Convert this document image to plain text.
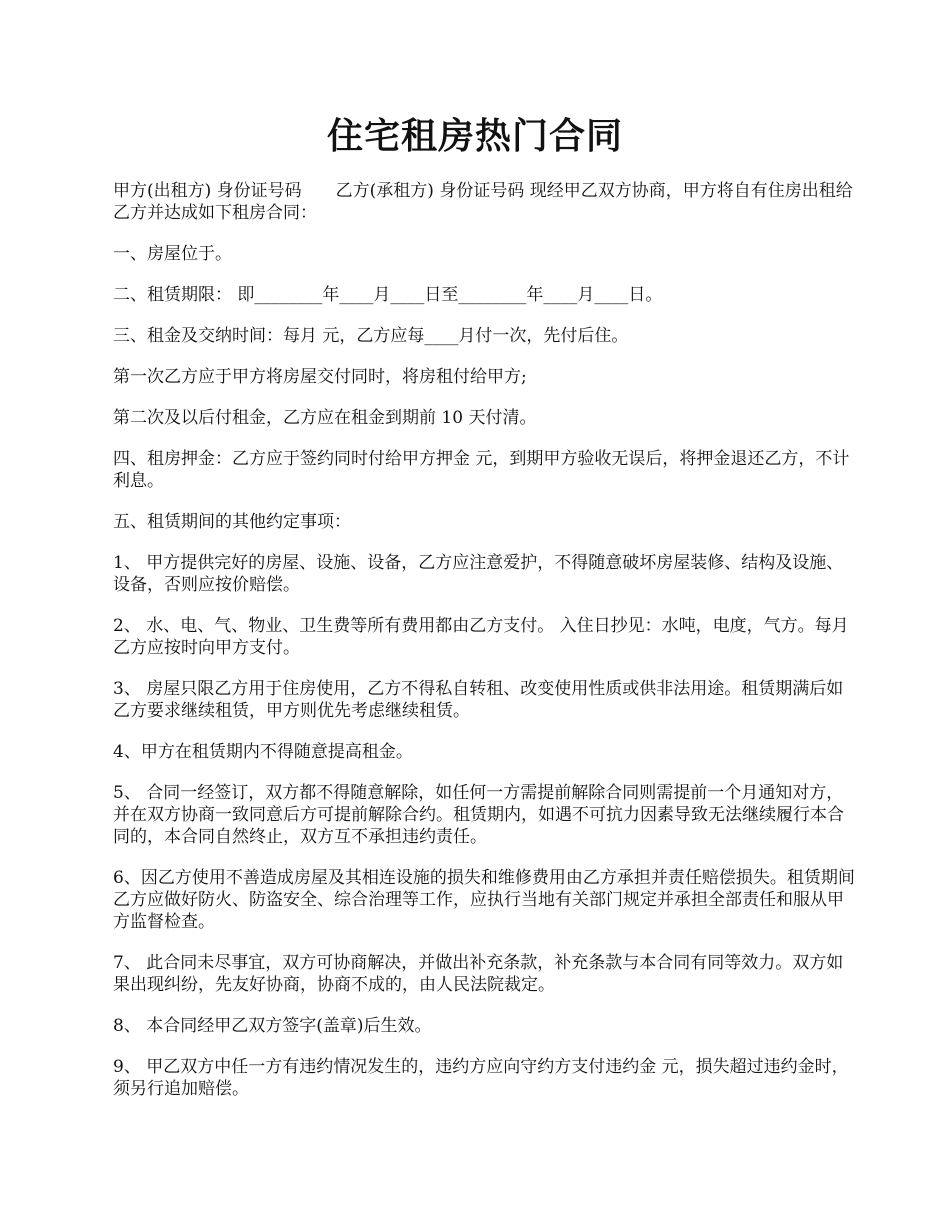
住宅租房热门合同

甲方(出租方) 身份证号码　　乙方(承租方) 身份证号码 现经甲乙双方协商，甲方将自有住房出租给乙方并达成如下租房合同：

一、房屋位于。

二、租赁期限： 即________年____月____日至________年____月____日。

三、租金及交纳时间：每月 元，乙方应每____月付一次，先付后住。

第一次乙方应于甲方将房屋交付同时，将房租付给甲方;

第二次及以后付租金，乙方应在租金到期前 10 天付清。

四、租房押金：乙方应于签约同时付给甲方押金 元，到期甲方验收无误后，将押金退还乙方，不计利息。

五、租赁期间的其他约定事项：

1、 甲方提供完好的房屋、设施、设备，乙方应注意爱护，不得随意破坏房屋装修、结构及设施、设备，否则应按价赔偿。

2、 水、电、气、物业、卫生费等所有费用都由乙方支付。 入住日抄见：水吨，电度，气方。每月乙方应按时向甲方支付。

3、 房屋只限乙方用于住房使用，乙方不得私自转租、改变使用性质或供非法用途。租赁期满后如乙方要求继续租赁，甲方则优先考虑继续租赁。

4、甲方在租赁期内不得随意提高租金。

5、 合同一经签订，双方都不得随意解除，如任何一方需提前解除合同则需提前一个月通知对方，并在双方协商一致同意后方可提前解除合约。租赁期内，如遇不可抗力因素导致无法继续履行本合同的，本合同自然终止，双方互不承担违约责任。

6、因乙方使用不善造成房屋及其相连设施的损失和维修费用由乙方承担并责任赔偿损失。租赁期间乙方应做好防火、防盗安全、综合治理等工作，应执行当地有关部门规定并承担全部责任和服从甲方监督检查。

7、 此合同未尽事宜，双方可协商解决，并做出补充条款，补充条款与本合同有同等效力。双方如果出现纠纷，先友好协商，协商不成的，由人民法院裁定。

8、 本合同经甲乙双方签字(盖章)后生效。

9、 甲乙双方中任一方有违约情况发生的，违约方应向守约方支付违约金 元，损失超过违约金时，须另行追加赔偿。
